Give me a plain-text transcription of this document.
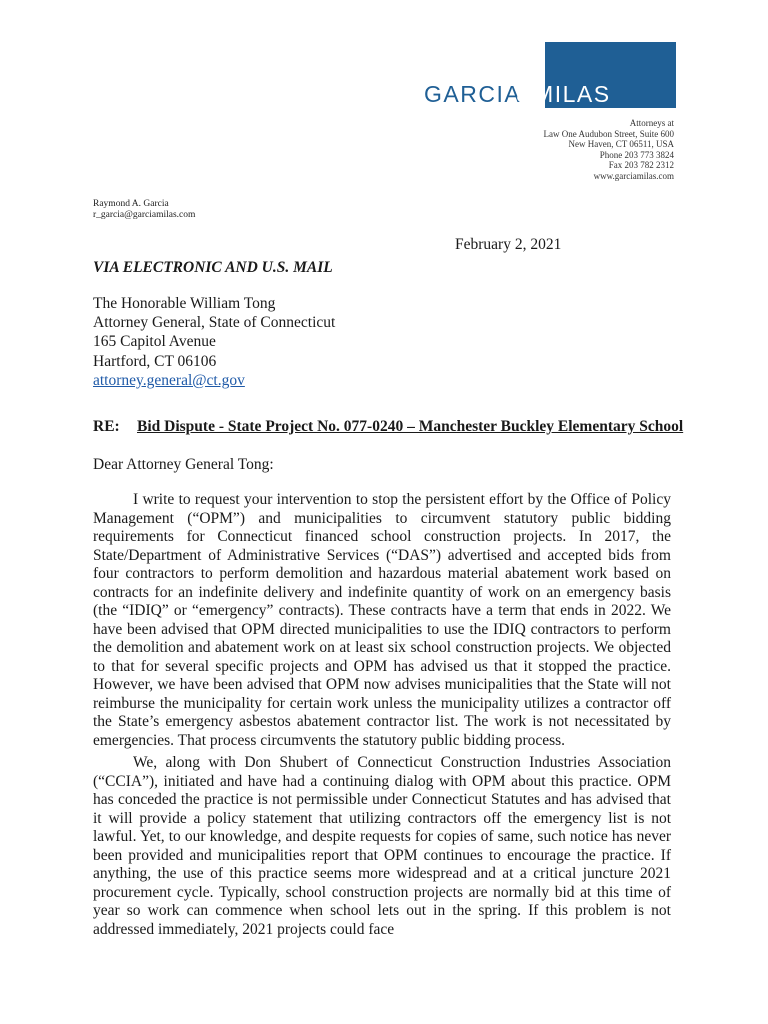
GARCIA&MILAS
Attorneys at
Law One Audubon Street, Suite 600
New Haven, CT 06511, USA
Phone 203 773 3824
Fax 203 782 2312
www.garciamilas.com
Raymond A. Garcia
r_garcia@garciamilas.com
February 2, 2021
VIA ELECTRONIC AND U.S. MAIL
The Honorable William Tong
Attorney General, State of Connecticut
165 Capitol Avenue
Hartford, CT 06106
attorney.general@ct.gov
RE: Bid Dispute - State Project No. 077-0240 – Manchester Buckley Elementary School
Dear Attorney General Tong:

I write to request your intervention to stop the persistent effort by the Office of Policy Management (“OPM”) and municipalities to circumvent statutory public bidding requirements for Connecticut financed school construction projects. In 2017, the State/Department of Administrative Services (“DAS”) advertised and accepted bids from four contractors to perform demolition and hazardous material abatement work based on contracts for an indefinite delivery and indefinite quantity of work on an emergency basis (the “IDIQ” or “emergency” contracts). These contracts have a term that ends in 2022. We have been advised that OPM directed municipalities to use the IDIQ contractors to perform the demolition and abatement work on at least six school construction projects. We objected to that for several specific projects and OPM has advised us that it stopped the practice. However, we have been advised that OPM now advises municipalities that the State will not reimburse the municipality for certain work unless the municipality utilizes a contractor off the State’s emergency asbestos abatement contractor list. The work is not necessitated by emergencies. That process circumvents the statutory public bidding process.

We, along with Don Shubert of Connecticut Construction Industries Association (“CCIA”), initiated and have had a continuing dialog with OPM about this practice. OPM has conceded the practice is not permissible under Connecticut Statutes and has advised that it will provide a policy statement that utilizing contractors off the emergency list is not lawful. Yet, to our knowledge, and despite requests for copies of same, such notice has never been provided and municipalities report that OPM continues to encourage the practice. If anything, the use of this practice seems more widespread and at a critical juncture 2021 procurement cycle. Typically, school construction projects are normally bid at this time of year so work can commence when school lets out in the spring. If this problem is not addressed immediately, 2021 projects could face
